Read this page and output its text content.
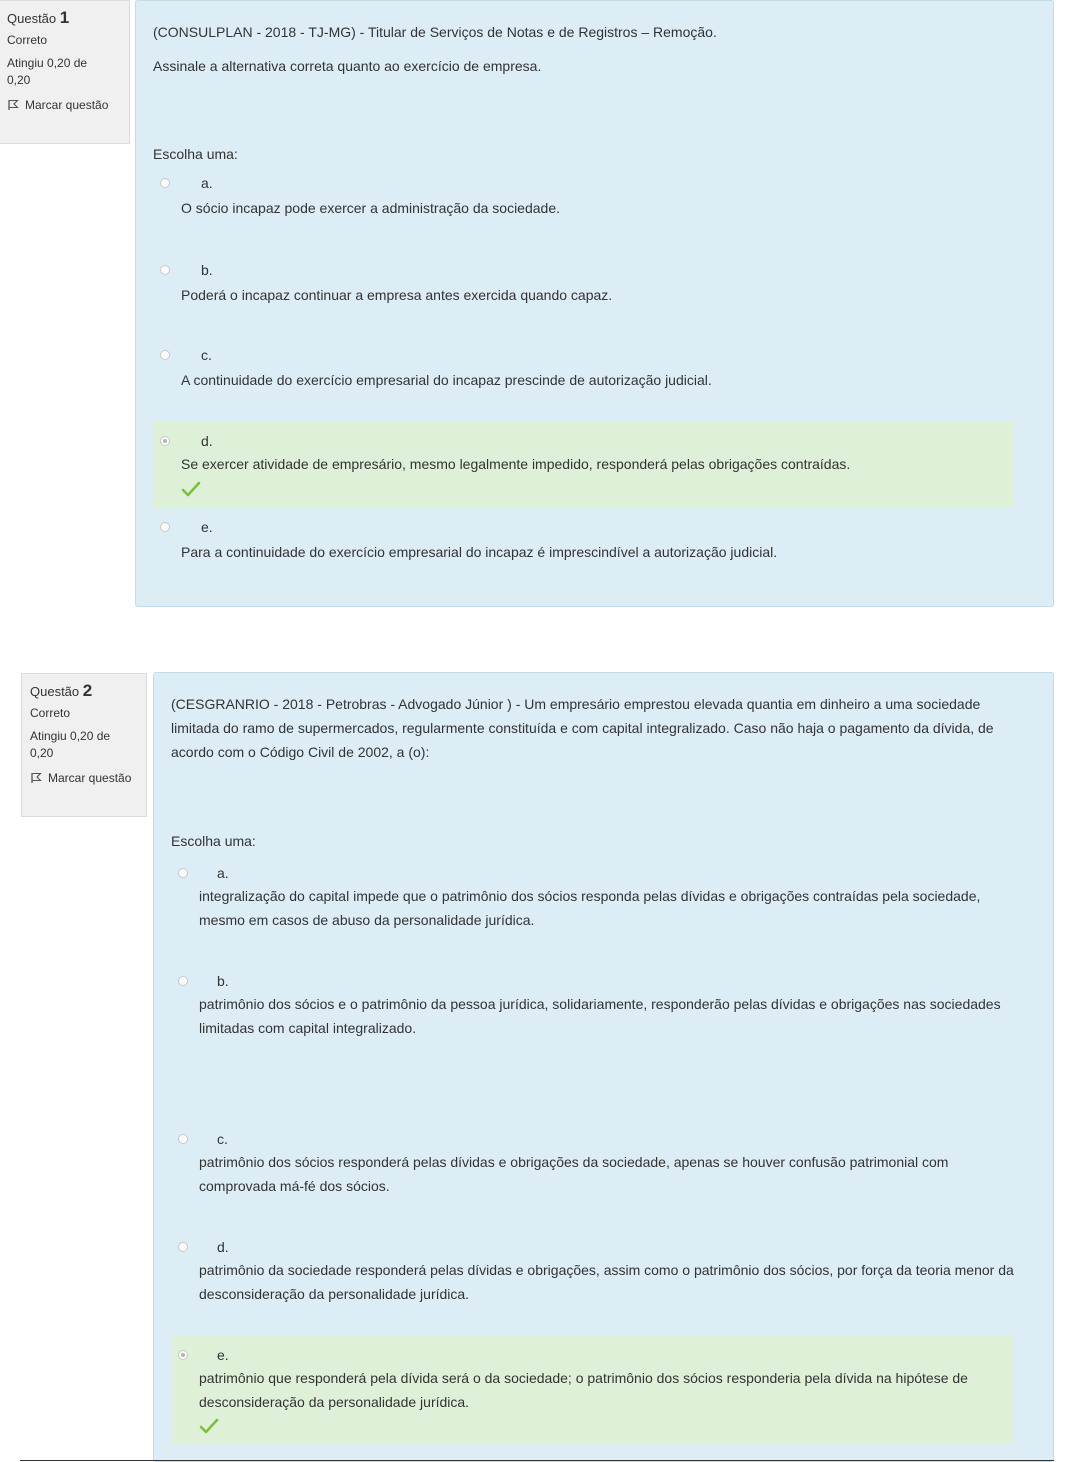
Questão 1
Correto
Atingiu 0,20 de 0,20
Marcar questão

(CONSULPLAN - 2018 - TJ-MG) - Titular de Serviços de Notas e de Registros – Remoção.

Assinale a alternativa correta quanto ao exercício de empresa.

Escolha uma:
a.
O sócio incapaz pode exercer a administração da sociedade.
b.
Poderá o incapaz continuar a empresa antes exercida quando capaz.
c.
A continuidade do exercício empresarial do incapaz prescinde de autorização judicial.
d.
Se exercer atividade de empresário, mesmo legalmente impedido, responderá pelas obrigações contraídas.
e.
Para a continuidade do exercício empresarial do incapaz é imprescindível a autorização judicial.
Questão 2
Correto
Atingiu 0,20 de 0,20
Marcar questão

(CESGRANRIO - 2018 - Petrobras - Advogado Júnior ) - Um empresário emprestou elevada quantia em dinheiro a uma sociedade limitada do ramo de supermercados, regularmente constituída e com capital integralizado. Caso não haja o pagamento da dívida, de acordo com o Código Civil de 2002, a (o):

Escolha uma:
a.
integralização do capital impede que o patrimônio dos sócios responda pelas dívidas e obrigações contraídas pela sociedade, mesmo em casos de abuso da personalidade jurídica.
b.
patrimônio dos sócios e o patrimônio da pessoa jurídica, solidariamente, responderão pelas dívidas e obrigações nas sociedades limitadas com capital integralizado.
c.
patrimônio dos sócios responderá pelas dívidas e obrigações da sociedade, apenas se houver confusão patrimonial com comprovada má-fé dos sócios.
d.
patrimônio da sociedade responderá pelas dívidas e obrigações, assim como o patrimônio dos sócios, por força da teoria menor da desconsideração da personalidade jurídica.
e.
patrimônio que responderá pela dívida será o da sociedade; o patrimônio dos sócios responderia pela dívida na hipótese de desconsideração da personalidade jurídica.
